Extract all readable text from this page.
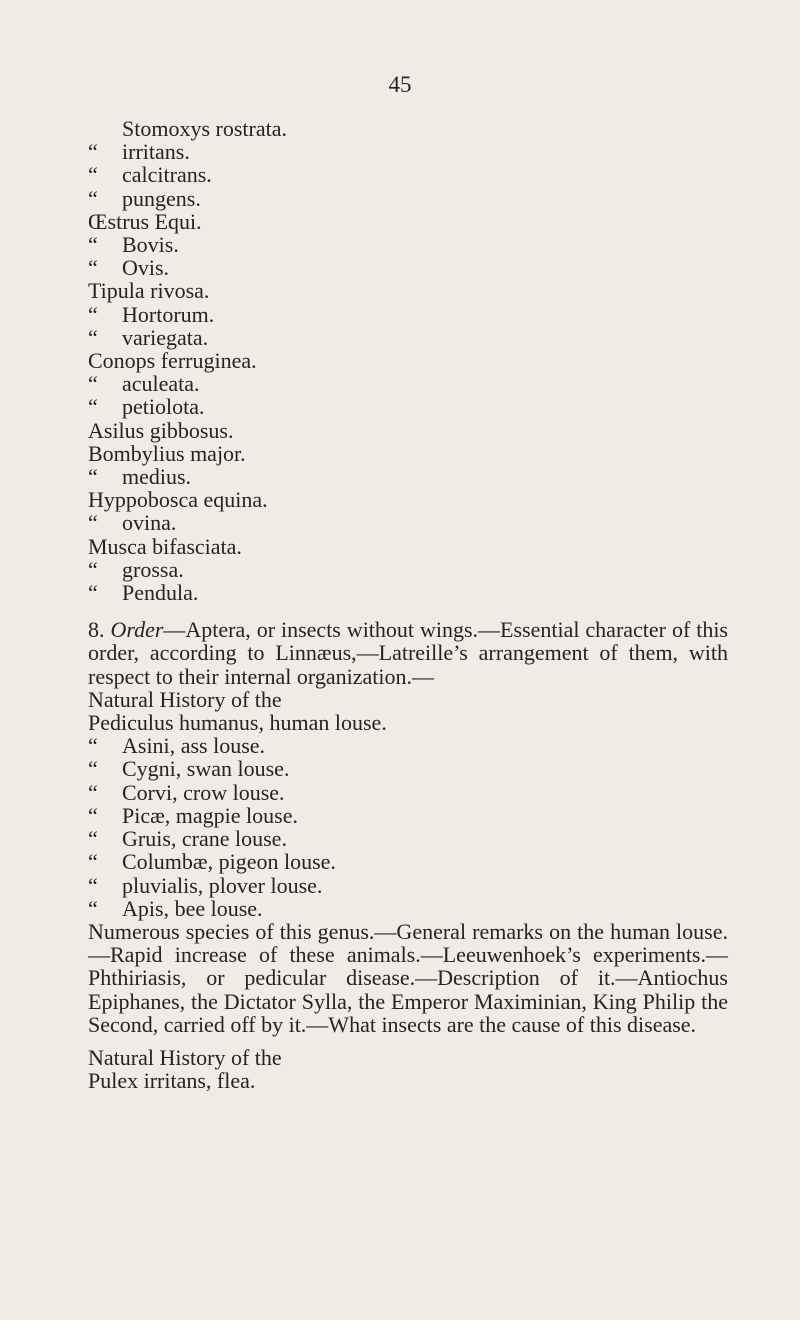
45
Stomoxys rostrata.
“ irritans.
“ calcitrans.
“ pungens.
Œstrus Equi.
“ Bovis.
“ Ovis.
Tipula rivosa.
“ Hortorum.
“ variegata.
Conops ferruginea.
“ aculeata.
“ petiolota.
Asilus gibbosus.
Bombylius major.
“ medius.
Hyppobosca equina.
“ ovina.
Musca bifasciata.
“ grossa.
“ Pendula.
8. Order—Aptera, or insects without wings.—Essential character of this order, according to Linnæus,—Latreille’s arrangement of them, with respect to their internal organization.—
Natural History of the
Pediculus humanus, human louse.
“ Asini, ass louse.
“ Cygni, swan louse.
“ Corvi, crow louse.
“ Picæ, magpie louse.
“ Gruis, crane louse.
“ Columbæ, pigeon louse.
“ pluvialis, plover louse.
“ Apis, bee louse.
Numerous species of this genus.—General remarks on the human louse.—Rapid increase of these animals.—Leeuwenhoek’s experiments.—Phthiriasis, or pedicular disease.—Description of it.—Antiochus Epiphanes, the Dictator Sylla, the Emperor Maximinian, King Philip the Second, carried off by it.—What insects are the cause of this disease.
Natural History of the
Pulex irritans, flea.
